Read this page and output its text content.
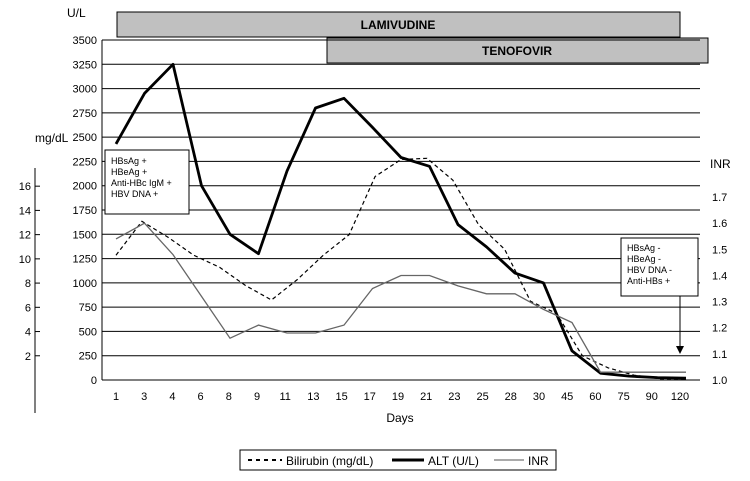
LAMIVUDINE
TENOFOVIR
U/L
mg/dL
INR
Days
0
250
500
750
1000
1250
1500
1750
2000
2250
2500
2750
3000
3250
3500
2
4
6
8
10
12
14
16
1.0
1.1
1.2
1.3
1.4
1.5
1.6
1.7
1 3 4 6 8 9 11 13 15 17 19 21 23 25 28 30 45 60 75 90 120
HBsAg +
HBeAg +
Anti-HBc IgM +
HBV DNA +
HBsAg -
HBeAg -
HBV DNA -
Anti-HBs +
Bilirubin (mg/dL)	ALT (U/L)	INR
